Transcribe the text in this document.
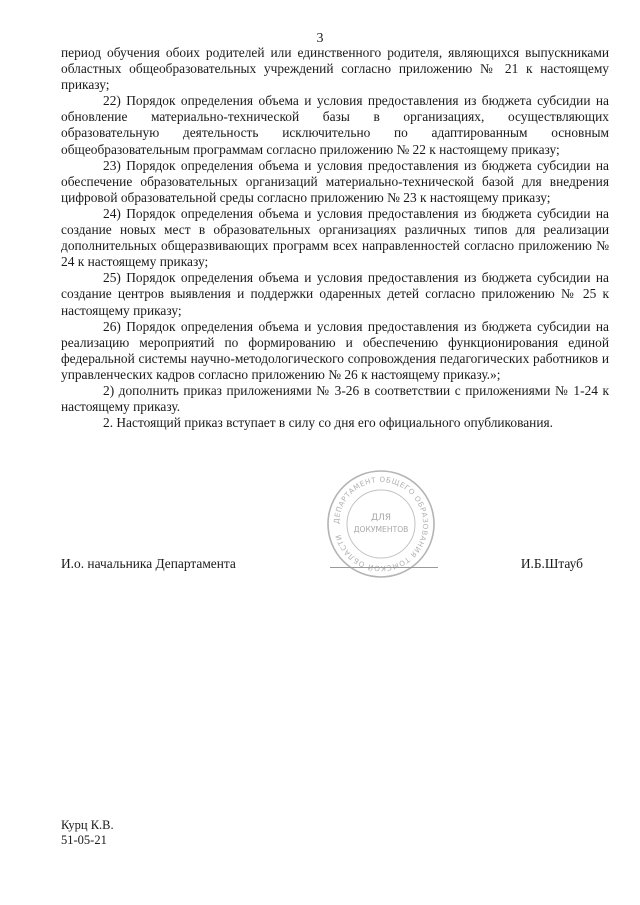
3

период обучения обоих родителей или единственного родителя, являющихся выпускниками областных общеобразовательных учреждений согласно приложению № 21 к настоящему приказу;

22) Порядок определения объема и условия предоставления из бюджета субсидии на обновление материально-технической базы в организациях, осуществляющих образовательную деятельность исключительно по адаптированным основным общеобразовательным программам согласно приложению № 22 к настоящему приказу;

23) Порядок определения объема и условия предоставления из бюджета субсидии на обеспечение образовательных организаций материально-технической базой для внедрения цифровой образовательной среды согласно приложению № 23 к настоящему приказу;

24) Порядок определения объема и условия предоставления из бюджета субсидии на создание новых мест в образовательных организациях различных типов для реализации дополнительных общеразвивающих программ всех направленностей согласно приложению № 24 к настоящему приказу;

25) Порядок определения объема и условия предоставления из бюджета субсидии на создание центров выявления и поддержки одаренных детей согласно приложению № 25 к настоящему приказу;

26) Порядок определения объема и условия предоставления из бюджета субсидии на реализацию мероприятий по формированию и обеспечению функционирования единой федеральной системы научно-методологического сопровождения педагогических работников и управленческих кадров согласно приложению № 26 к настоящему приказу.»;

2) дополнить приказ приложениями № 3-26 в соответствии с приложениями № 1-24 к настоящему приказу.

2. Настоящий приказ вступает в силу со дня его официального опубликования.

ДЕПАРТАМЕНТ ОБЩЕГО ОБРАЗОВАНИЯ ТОМСКОЙ ОБЛАСТИ
ДЛЯ
ДОКУМЕНТОВ
И.о. начальника Департамента	И.Б.Штауб
Курц К.В.
51-05-21
